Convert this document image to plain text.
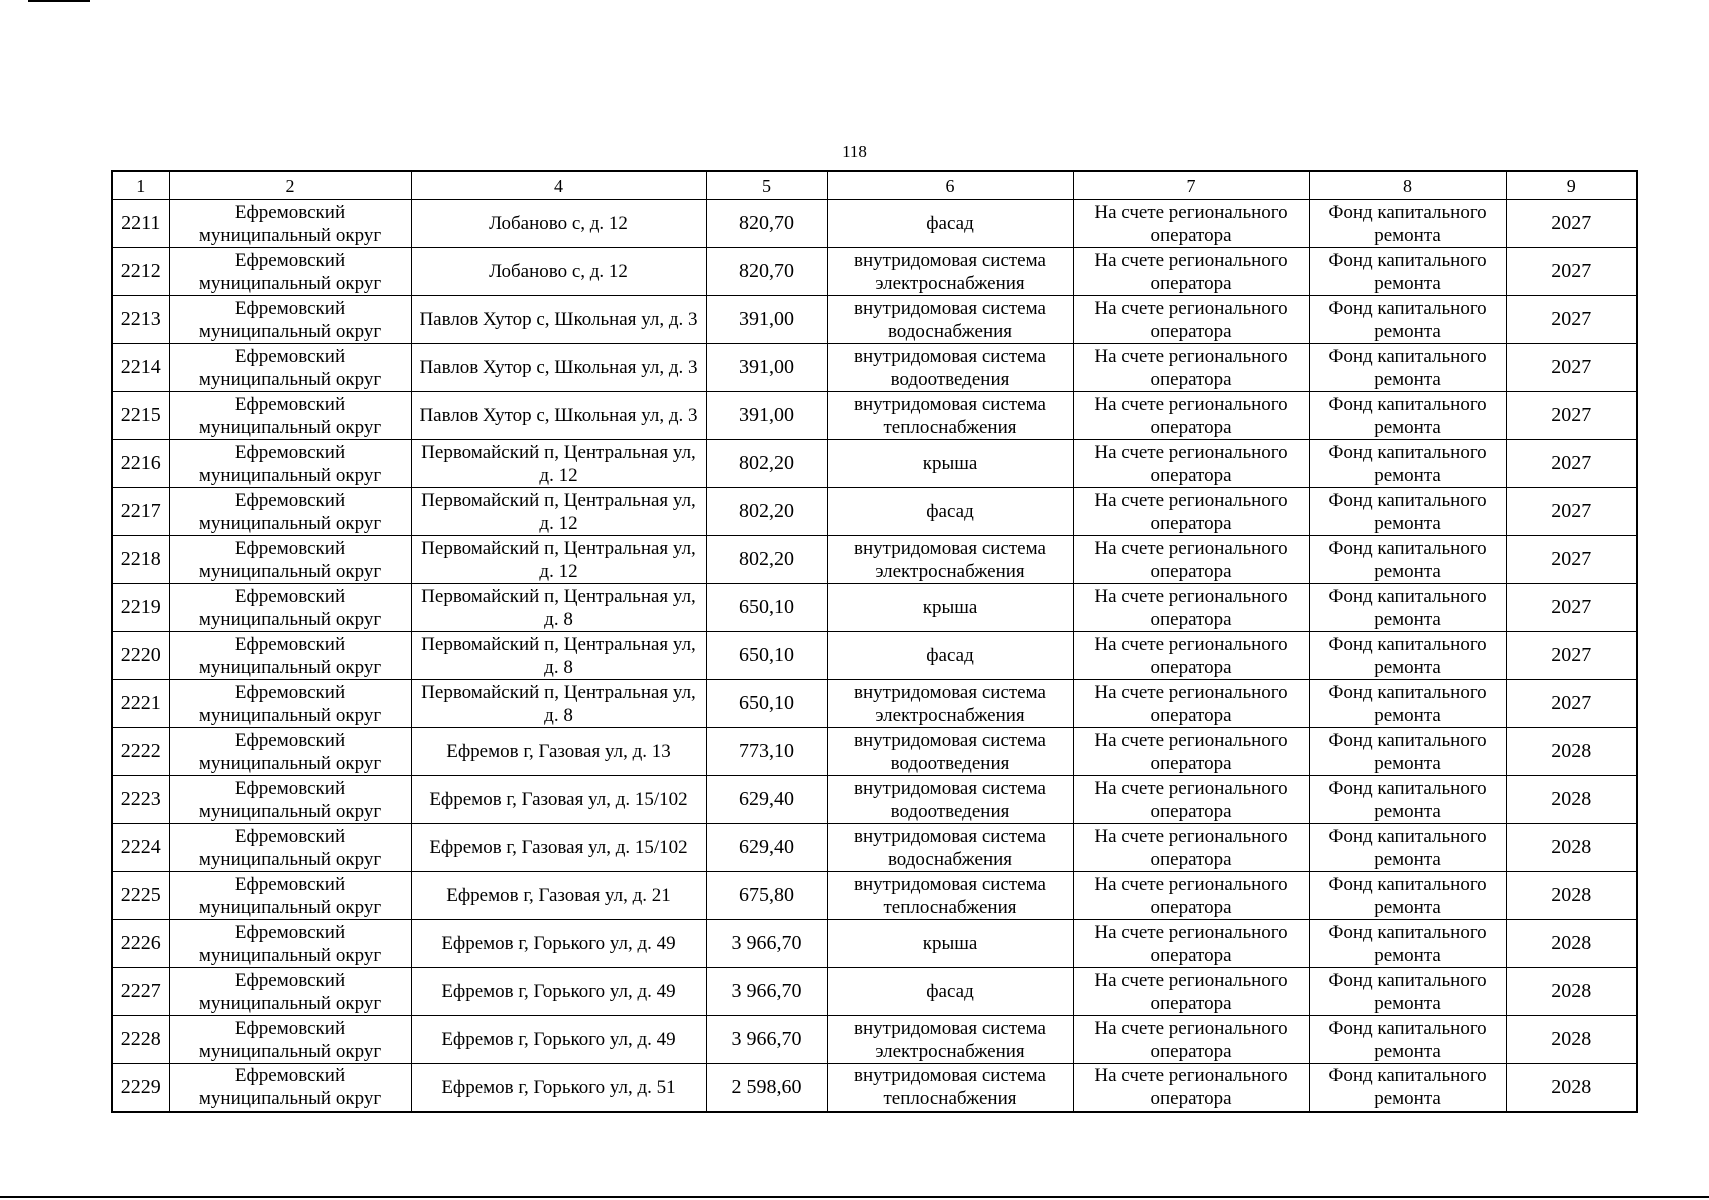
118
1	2	4	5	6	7	8	9
2211	Ефремовский муниципальный округ	Лобаново с, д. 12	820,70	фасад	На счете регионального оператора	Фонд капитального ремонта	2027
2212	Ефремовский муниципальный округ	Лобаново с, д. 12	820,70	внутридомовая система электроснабжения	На счете регионального оператора	Фонд капитального ремонта	2027
2213	Ефремовский муниципальный округ	Павлов Хутор с, Школьная ул, д. 3	391,00	внутридомовая система водоснабжения	На счете регионального оператора	Фонд капитального ремонта	2027
2214	Ефремовский муниципальный округ	Павлов Хутор с, Школьная ул, д. 3	391,00	внутридомовая система водоотведения	На счете регионального оператора	Фонд капитального ремонта	2027
2215	Ефремовский муниципальный округ	Павлов Хутор с, Школьная ул, д. 3	391,00	внутридомовая система теплоснабжения	На счете регионального оператора	Фонд капитального ремонта	2027
2216	Ефремовский муниципальный округ	Первомайский п, Центральная ул, д. 12	802,20	крыша	На счете регионального оператора	Фонд капитального ремонта	2027
2217	Ефремовский муниципальный округ	Первомайский п, Центральная ул, д. 12	802,20	фасад	На счете регионального оператора	Фонд капитального ремонта	2027
2218	Ефремовский муниципальный округ	Первомайский п, Центральная ул, д. 12	802,20	внутридомовая система электроснабжения	На счете регионального оператора	Фонд капитального ремонта	2027
2219	Ефремовский муниципальный округ	Первомайский п, Центральная ул, д. 8	650,10	крыша	На счете регионального оператора	Фонд капитального ремонта	2027
2220	Ефремовский муниципальный округ	Первомайский п, Центральная ул, д. 8	650,10	фасад	На счете регионального оператора	Фонд капитального ремонта	2027
2221	Ефремовский муниципальный округ	Первомайский п, Центральная ул, д. 8	650,10	внутридомовая система электроснабжения	На счете регионального оператора	Фонд капитального ремонта	2027
2222	Ефремовский муниципальный округ	Ефремов г, Газовая ул, д. 13	773,10	внутридомовая система водоотведения	На счете регионального оператора	Фонд капитального ремонта	2028
2223	Ефремовский муниципальный округ	Ефремов г, Газовая ул, д. 15/102	629,40	внутридомовая система водоотведения	На счете регионального оператора	Фонд капитального ремонта	2028
2224	Ефремовский муниципальный округ	Ефремов г, Газовая ул, д. 15/102	629,40	внутридомовая система водоснабжения	На счете регионального оператора	Фонд капитального ремонта	2028
2225	Ефремовский муниципальный округ	Ефремов г, Газовая ул, д. 21	675,80	внутридомовая система теплоснабжения	На счете регионального оператора	Фонд капитального ремонта	2028
2226	Ефремовский муниципальный округ	Ефремов г, Горького ул, д. 49	3 966,70	крыша	На счете регионального оператора	Фонд капитального ремонта	2028
2227	Ефремовский муниципальный округ	Ефремов г, Горького ул, д. 49	3 966,70	фасад	На счете регионального оператора	Фонд капитального ремонта	2028
2228	Ефремовский муниципальный округ	Ефремов г, Горького ул, д. 49	3 966,70	внутридомовая система электроснабжения	На счете регионального оператора	Фонд капитального ремонта	2028
2229	Ефремовский муниципальный округ	Ефремов г, Горького ул, д. 51	2 598,60	внутридомовая система теплоснабжения	На счете регионального оператора	Фонд капитального ремонта	2028
